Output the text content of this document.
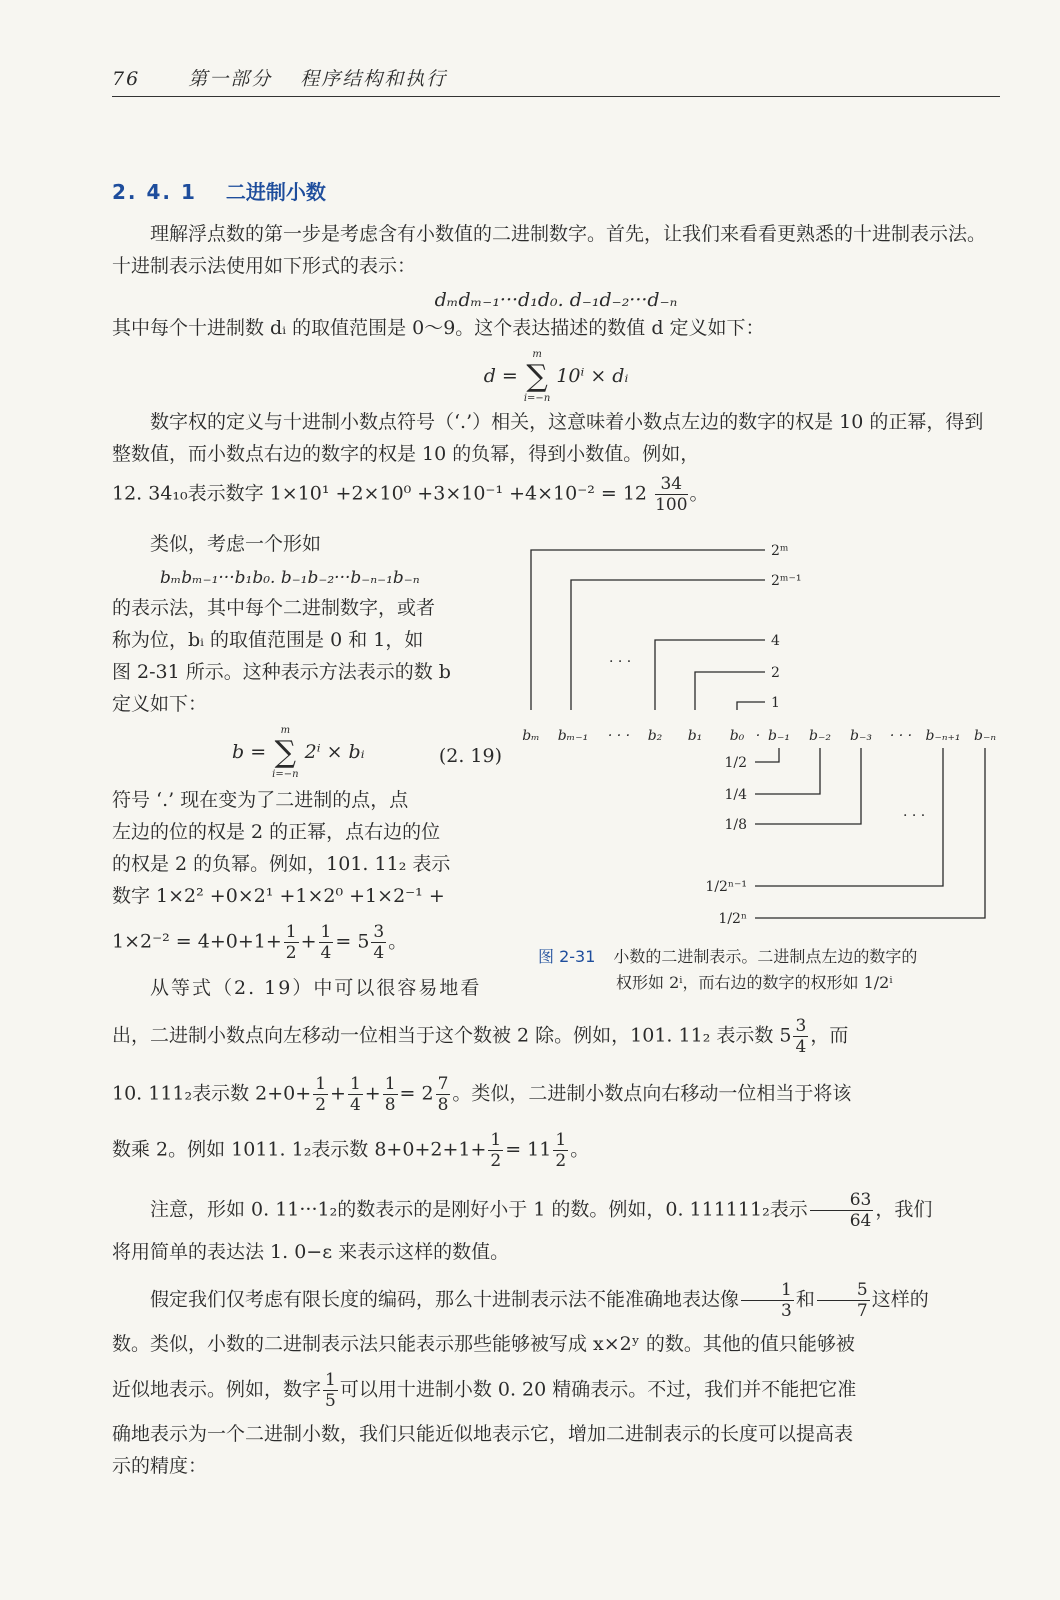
76	第一部分 程序结构和执行
2. 4. 1 二进制小数
理解浮点数的第一步是考虑含有小数值的二进制数字。首先，让我们来看看更熟悉的十进制表示法。十进制表示法使用如下形式的表示：
dₘdₘ₋₁···d₁d₀. d₋₁d₋₂···d₋ₙ
其中每个十进制数 dᵢ 的取值范围是 0～9。这个表达描述的数值 d 定义如下：
d =
m
∑
i=−n
10ⁱ × dᵢ
数字权的定义与十进制小数点符号（‘.’）相关，这意味着小数点左边的数字的权是 10 的正幂，得到整数值，而小数点右边的数字的权是 10 的负幂，得到小数值。例如，
12. 34₁₀表示数字 $1\times 10^1 +2\times 10^0 +3\times 10^{-1} +4\times 10^{-2} = 12 \frac{34}{100}$ 。
类似，考虑一个形如
bₘbₘ₋₁···b₁b₀. b₋₁b₋₂···b₋ₙ₋₁b₋ₙ
的表示法，其中每个二进制数字，或者
称为位，bᵢ 的取值范围是 0 和 1，如
图 2-31 所示。这种表示方法表示的数 b
定义如下：
b =
m
∑
i=−n
2ⁱ × bᵢ	(2. 19)
符号 ‘.’ 现在变为了二进制的点，点
左边的位的权是 2 的正幂，点右边的位
的权是 2 的负幂。例如，101. 11₂ 表示
数字 1×2² +0×2¹ +1×2⁰ +1×2⁻¹ +
$1\times 2^{-2} = 4+0+1+ \frac{1}{2} + \frac{1}{4} = 5 \frac{3}{4}$ 。
从等式（2. 19）中可以很容易地看
2ᵐ
2ᵐ⁻¹
4
2
1
· · ·
· · ·
1/2
1/4
1/8
1/2ⁿ⁻¹
1/2ⁿ
bₘ bₘ₋₁ · · · b₂ b₁ b₀ · b₋₁ b₋₂ b₋₃ · · · b₋ₙ₊₁ b₋ₙ
图 2-31 小数的二进制表示。二进制点左边的数字的
权形如 2ⁱ，而右边的数字的权形如 1/2ⁱ
出，二进制小数点向左移动一位相当于这个数被 2 除。例如，101. 11₂ 表示数 $5 \frac{3}{4}$ ，而
10. 111₂表示数 $2+0+ \frac{1}{2} + \frac{1}{4} + \frac{1}{8} = 2 \frac{7}{8}$ 。类似，二进制小数点向右移动一位相当于将该
数乘 2。例如 1011. 1₂表示数 $8+0+2+1+ \frac{1}{2} = 11 \frac{1}{2}$ 。
注意，形如 0. 11···1₂的数表示的是刚好小于 1 的数。例如，0. 111111₂表示 $\frac{63}{64}$ ，我们
将用简单的表达法 1. 0−ε 来表示这样的数值。
假定我们仅考虑有限长度的编码，那么十进制表示法不能准确地表达像 $\frac{1}{3}$ 和 $\frac{5}{7}$ 这样的
数。类似，小数的二进制表示法只能表示那些能够被写成 x×2ʸ 的数。其他的值只能够被
近似地表示。例如，数字 $\frac{1}{5}$ 可以用十进制小数 0. 20 精确表示。不过，我们并不能把它准
确地表示为一个二进制小数，我们只能近似地表示它，增加二进制表示的长度可以提高表
示的精度：
